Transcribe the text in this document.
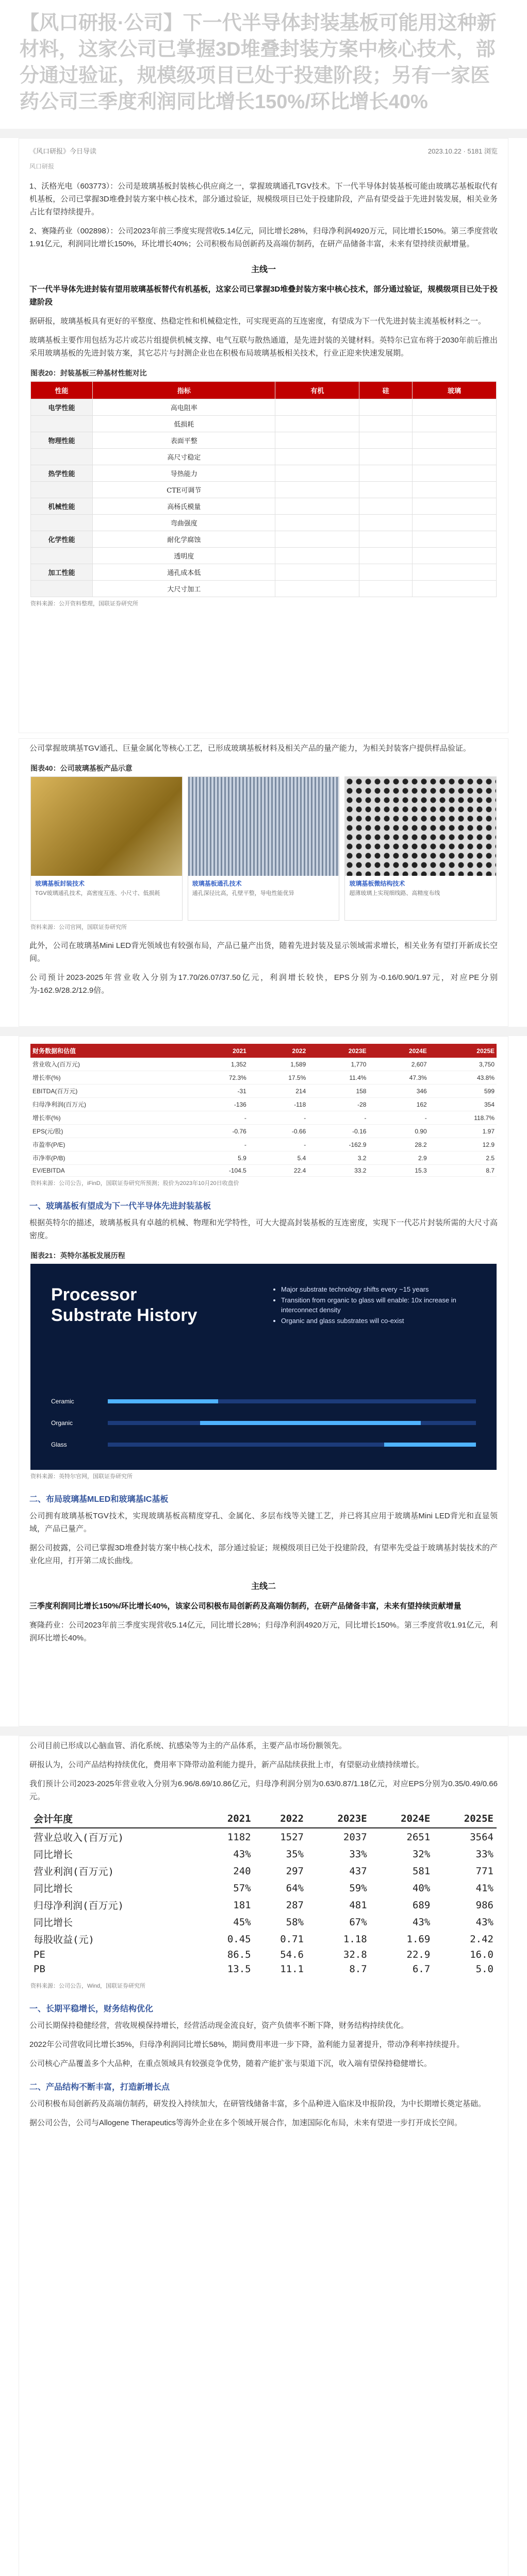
【风口研报·公司】下一代半导体封装基板可能用这种新材料，这家公司已掌握3D堆叠封装方案中核心技术，部分通过验证，规模级项目已处于投建阶段；另有一家医药公司三季度利润同比增长150%/环比增长40%
《风口研报》今日导读	2023.10.22 · 5181 浏览
风口研报
1、沃格光电（603773）：公司是玻璃基板封装核心供应商之一，掌握玻璃通孔TGV技术。下一代半导体封装基板可能由玻璃芯基板取代有机基板，公司已掌握3D堆叠封装方案中核心技术，部分通过验证，规模级项目已处于投建阶段，产品有望受益于先进封装发展，相关业务占比有望持续提升。
2、赛隆药业（002898）：公司2023年前三季度实现营收5.14亿元，同比增长28%，归母净利润4920万元，同比增长150%。第三季度营收1.91亿元，利润同比增长150%，环比增长40%；公司积极布局创新药及高端仿制药，在研产品储备丰富，未来有望持续贡献增量。
主线一
下一代半导体先进封装有望用玻璃基板替代有机基板，这家公司已掌握3D堆叠封装方案中核心技术，部分通过验证，规模级项目已处于投建阶段
据研报，玻璃基板具有更好的平整度、热稳定性和机械稳定性，可实现更高的互连密度，有望成为下一代先进封装主流基板材料之一。
玻璃基板主要作用包括为芯片或芯片组提供机械支撑、电气互联与散热通道，是先进封装的关键材料。英特尔已宣布将于2030年前后推出采用玻璃基板的先进封装方案，其它芯片与封测企业也在积极布局玻璃基板相关技术，行业正迎来快速发展期。
图表20：封装基板三种基材性能对比
性能	指标	有机	硅	玻璃
电学性能	高电阻率			
	低损耗			
物理性能	表面平整			
	高尺寸稳定			
热学性能	导热能力			
	CTE可调节			
机械性能	高杨氏模量			
	弯曲强度			
化学性能	耐化学腐蚀			
	透明度			
加工性能	通孔成本低			
	大尺寸加工			
资料来源：公开资料整理，国联证券研究所
公司掌握玻璃基TGV通孔、巨量金属化等核心工艺，已形成玻璃基板材料及相关产品的量产能力，为相关封装客户提供样品验证。
图表40：公司玻璃基板产品示意
玻璃基板封装技术
TGV玻璃通孔技术，高密度互连、小尺寸、低损耗
玻璃基板通孔技术
通孔深径比高，孔壁平整，导电性能优异
玻璃基板微结构技术
超薄玻璃上实现细线路、高精度布线
资料来源：公司官网，国联证券研究所
此外，公司在玻璃基Mini LED背光领域也有较强布局，产品已量产出货，随着先进封装及显示领域需求增长，相关业务有望打开新成长空间。
公司预计2023-2025年营业收入分别为17.70/26.07/37.50亿元，利润增长较快，EPS分别为-0.16/0.90/1.97元，对应PE分别为-162.9/28.2/12.9倍。
财务数据和估值	2021	2022	2023E	2024E	2025E
营业收入(百万元)	1,352	1,589	1,770	2,607	3,750
增长率(%)	72.3%	17.5%	11.4%	47.3%	43.8%
EBITDA(百万元)	-31	214	158	346	599
归母净利润(百万元)	-136	-118	-28	162	354
增长率(%)	-	-	-	-	118.7%
EPS(元/股)	-0.76	-0.66	-0.16	0.90	1.97
市盈率(P/E)	-	-	-162.9	28.2	12.9
市净率(P/B)	5.9	5.4	3.2	2.9	2.5
EV/EBITDA	-104.5	22.4	33.2	15.3	8.7
资料来源：公司公告，iFinD，国联证券研究所预测；股价为2023年10月20日收盘价
一、玻璃基板有望成为下一代半导体先进封装基板
根据英特尔的描述，玻璃基板具有卓越的机械、物理和光学特性，可大大提高封装基板的互连密度，实现下一代芯片封装所需的大尺寸高密度。
图表21：英特尔基板发展历程
Processor
Substrate History
• Major substrate technology shifts every ~15 years
• Transition from organic to glass will enable: 10x increase in interconnect density
• Organic and glass substrates will co-exist
Ceramic
Organic
Glass
资料来源：英特尔官网，国联证券研究所
二、布局玻璃基MLED和玻璃基IC基板
公司拥有玻璃基板TGV技术，实现玻璃基板高精度穿孔、金属化、多层布线等关键工艺，并已将其应用于玻璃基Mini LED背光和直显领域，产品已量产。
据公司披露，公司已掌握3D堆叠封装方案中核心技术，部分通过验证；规模级项目已处于投建阶段，有望率先受益于玻璃基封装技术的产业化应用，打开第二成长曲线。
主线二
三季度利润同比增长150%/环比增长40%，该家公司积极布局创新药及高端仿制药，在研产品储备丰富，未来有望持续贡献增量
赛隆药业：公司2023年前三季度实现营收5.14亿元，同比增长28%；归母净利润4920万元，同比增长150%。第三季度营收1.91亿元，利润环比增长40%。
公司目前已形成以心脑血管、消化系统、抗感染等为主的产品体系，主要产品市场份额领先。
研报认为，公司产品结构持续优化，费用率下降带动盈利能力提升，新产品陆续获批上市，有望驱动业绩持续增长。
我们预计公司2023-2025年营业收入分别为6.96/8.69/10.86亿元，归母净利润分别为0.63/0.87/1.18亿元，对应EPS分别为0.35/0.49/0.66元。
会计年度	2021	2022	2023E	2024E	2025E
营业总收入(百万元)	1182	1527	2037	2651	3564
同比增长	43%	35%	33%	32%	33%
营业利润(百万元)	240	297	437	581	771
同比增长	57%	64%	59%	40%	41%
归母净利润(百万元)	181	287	481	689	986
同比增长	45%	58%	67%	43%	43%
每股收益(元)	0.45	0.71	1.18	1.69	2.42
PE	86.5	54.6	32.8	22.9	16.0
PB	13.5	11.1	8.7	6.7	5.0
资料来源：公司公告，Wind，国联证券研究所
一、长期平稳增长，财务结构优化
公司长期保持稳健经营，营收规模保持增长，经营活动现金流良好，资产负债率不断下降，财务结构持续优化。
2022年公司营收同比增长35%，归母净利润同比增长58%，期间费用率进一步下降，盈利能力显著提升，带动净利率持续提升。
公司核心产品覆盖多个大品种，在重点领域具有较强竞争优势，随着产能扩张与渠道下沉，收入端有望保持稳健增长。
二、产品结构不断丰富，打造新增长点
公司积极布局创新药及高端仿制药，研发投入持续加大，在研管线储备丰富，多个品种进入临床及申报阶段，为中长期增长奠定基础。
据公司公告，公司与Allogene Therapeutics等海外企业在多个领域开展合作，加速国际化布局，未来有望进一步打开成长空间。
